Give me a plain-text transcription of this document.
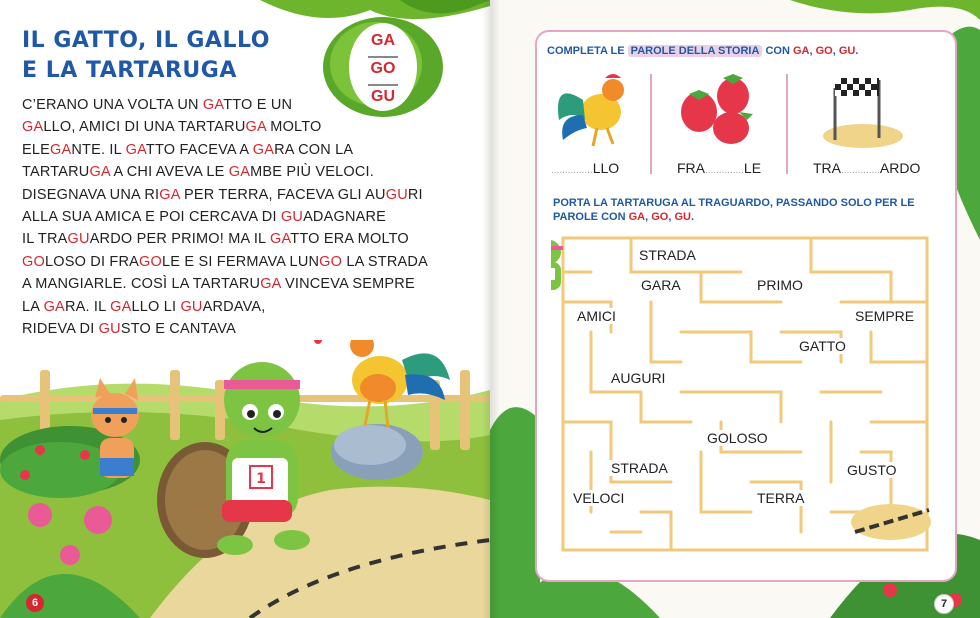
IL GATTO, IL GALLO
E LA TARTARUGA
GA
GO
GU
C’ERANO UNA VOLTA UN GATTO E UN
GALLO, AMICI DI UNA TARTARUGA MOLTO
ELEGANTE. IL GATTO FACEVA A GARA CON LA
TARTARUGA A CHI AVEVA LE GAMBE PIÙ VELOCI.
DISEGNAVA UNA RIGA PER TERRA, FACEVA GLI AUGURI
ALLA SUA AMICA E POI CERCAVA DI GUADAGNARE
IL TRAGUARDO PER PRIMO! MA IL GATTO ERA MOLTO
GOLOSO DI FRAGOLE E SI FERMAVA LUNGO LA STRADA
A MANGIARLE. COSÌ LA TARTARUGA VINCEVA SEMPRE
LA GARA. IL GALLO LI GUARDAVA,
RIDEVA DI GUSTO E CANTAVA
1
6
COMPLETA LE PAROLE DELLA STORIA CON GA, GO, GU.
...............LLO	FRA..............LE	TRA..............ARDO
PORTA LA TARTARUGA AL TRAGUARDO, PASSANDO SOLO PER LE
PAROLE CON GA, GO, GU.
STRADA
GARA	PRIMO
AMICI	SEMPRE
GATTO
AUGURI
GOLOSO
STRADA	GUSTO
VELOCI	TERRA
7
